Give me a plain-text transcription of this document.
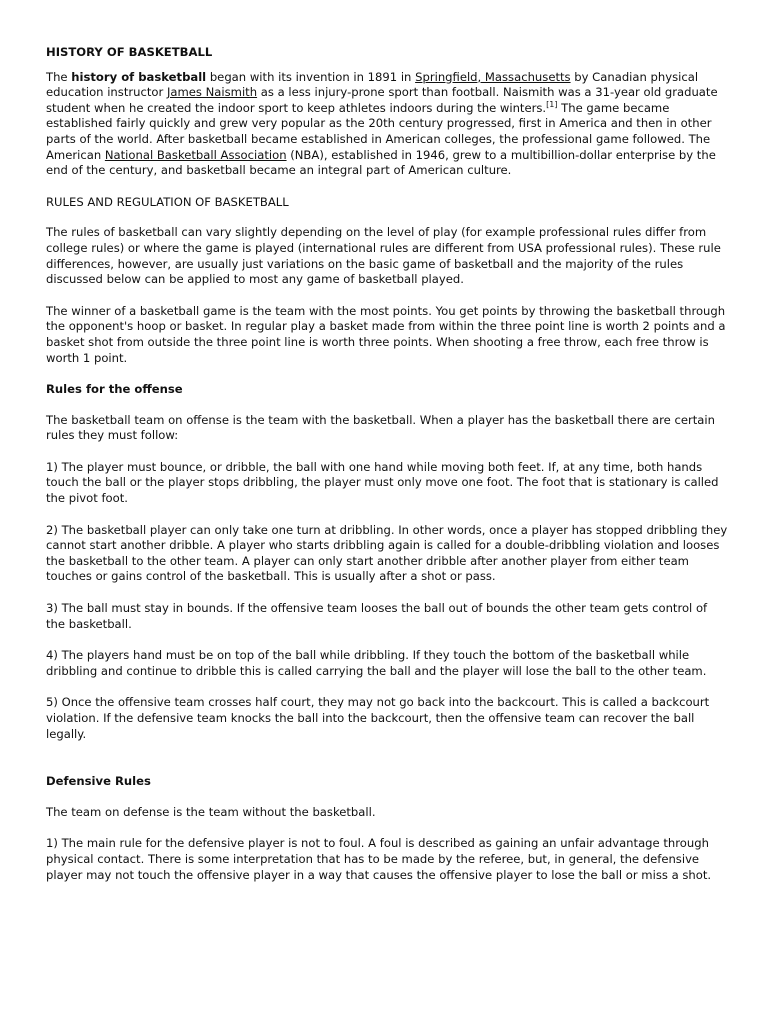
HISTORY OF BASKETBALL

The history of basketball began with its invention in 1891 in Springfield, Massachusetts by Canadian physical education instructor James Naismith as a less injury-prone sport than football. Naismith was a 31-year old graduate student when he created the indoor sport to keep athletes indoors during the winters.[1] The game became established fairly quickly and grew very popular as the 20th century progressed, first in America and then in other parts of the world. After basketball became established in American colleges, the professional game followed. The American National Basketball Association (NBA), established in 1946, grew to a multibillion-dollar enterprise by the end of the century, and basketball became an integral part of American culture.

RULES AND REGULATION OF BASKETBALL

The rules of basketball can vary slightly depending on the level of play (for example professional rules differ from college rules) or where the game is played (international rules are different from USA professional rules). These rule differences, however, are usually just variations on the basic game of basketball and the majority of the rules discussed below can be applied to most any game of basketball played.

The winner of a basketball game is the team with the most points. You get points by throwing the basketball through the opponent's hoop or basket. In regular play a basket made from within the three point line is worth 2 points and a basket shot from outside the three point line is worth three points. When shooting a free throw, each free throw is worth 1 point.

Rules for the offense

The basketball team on offense is the team with the basketball. When a player has the basketball there are certain rules they must follow:

1) The player must bounce, or dribble, the ball with one hand while moving both feet. If, at any time, both hands touch the ball or the player stops dribbling, the player must only move one foot. The foot that is stationary is called the pivot foot.

2) The basketball player can only take one turn at dribbling. In other words, once a player has stopped dribbling they cannot start another dribble. A player who starts dribbling again is called for a double-dribbling violation and looses the basketball to the other team. A player can only start another dribble after another player from either team touches or gains control of the basketball. This is usually after a shot or pass.

3) The ball must stay in bounds. If the offensive team looses the ball out of bounds the other team gets control of the basketball.

4) The players hand must be on top of the ball while dribbling. If they touch the bottom of the basketball while dribbling and continue to dribble this is called carrying the ball and the player will lose the ball to the other team.

5) Once the offensive team crosses half court, they may not go back into the backcourt. This is called a backcourt violation. If the defensive team knocks the ball into the backcourt, then the offensive team can recover the ball legally.

Defensive Rules

The team on defense is the team without the basketball.

1) The main rule for the defensive player is not to foul. A foul is described as gaining an unfair advantage through physical contact. There is some interpretation that has to be made by the referee, but, in general, the defensive player may not touch the offensive player in a way that causes the offensive player to lose the ball or miss a shot.
